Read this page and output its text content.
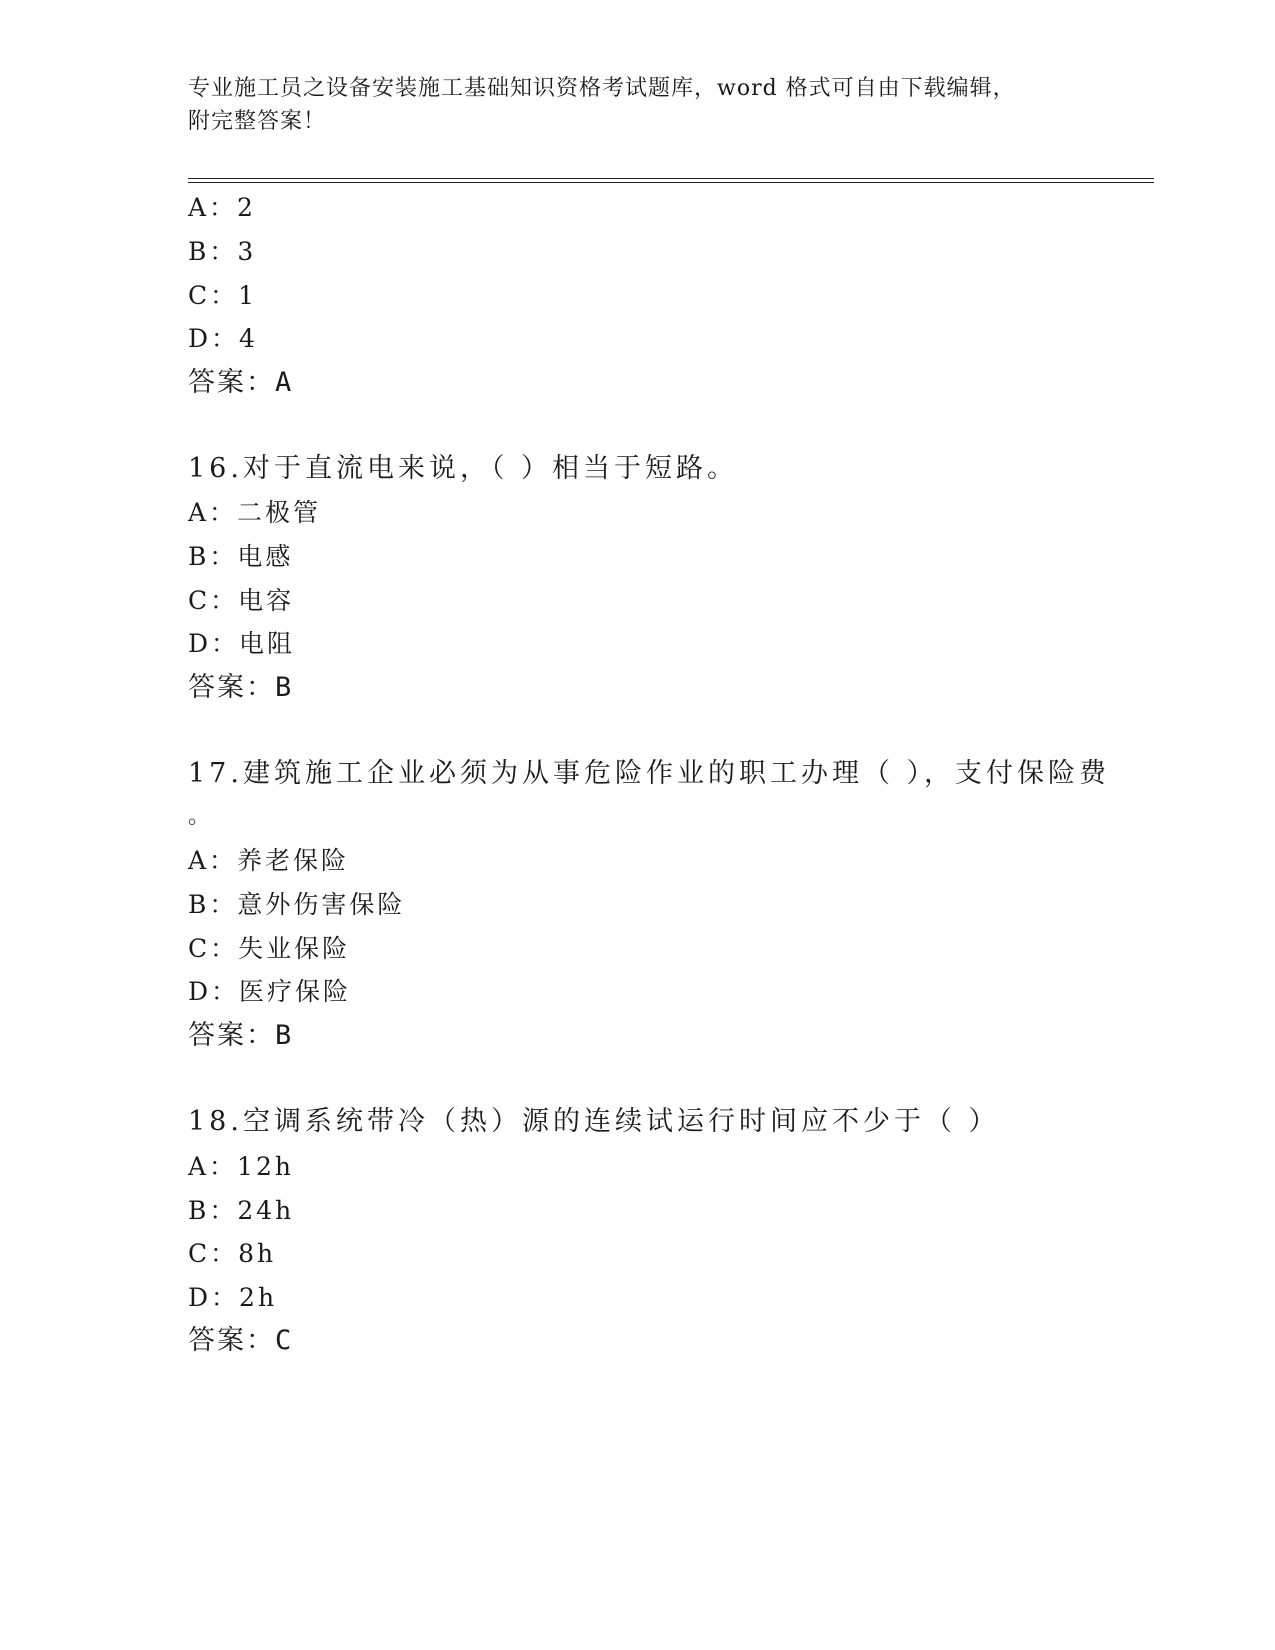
专业施工员之设备安装施工基础知识资格考试题库，word 格式可自由下载编辑，
附完整答案！
A：2
B：3
C：1
D：4
答案：A
16.对于直流电来说，（ ）相当于短路。
A：二极管
B：电感
C：电容
D：电阻
答案：B
17.建筑施工企业必须为从事危险作业的职工办理（ ），支付保险费
。
A：养老保险
B：意外伤害保险
C：失业保险
D：医疗保险
答案：B
18.空调系统带冷（热）源的连续试运行时间应不少于（ ）
A：12h
B：24h
C：8h
D：2h
答案：C
